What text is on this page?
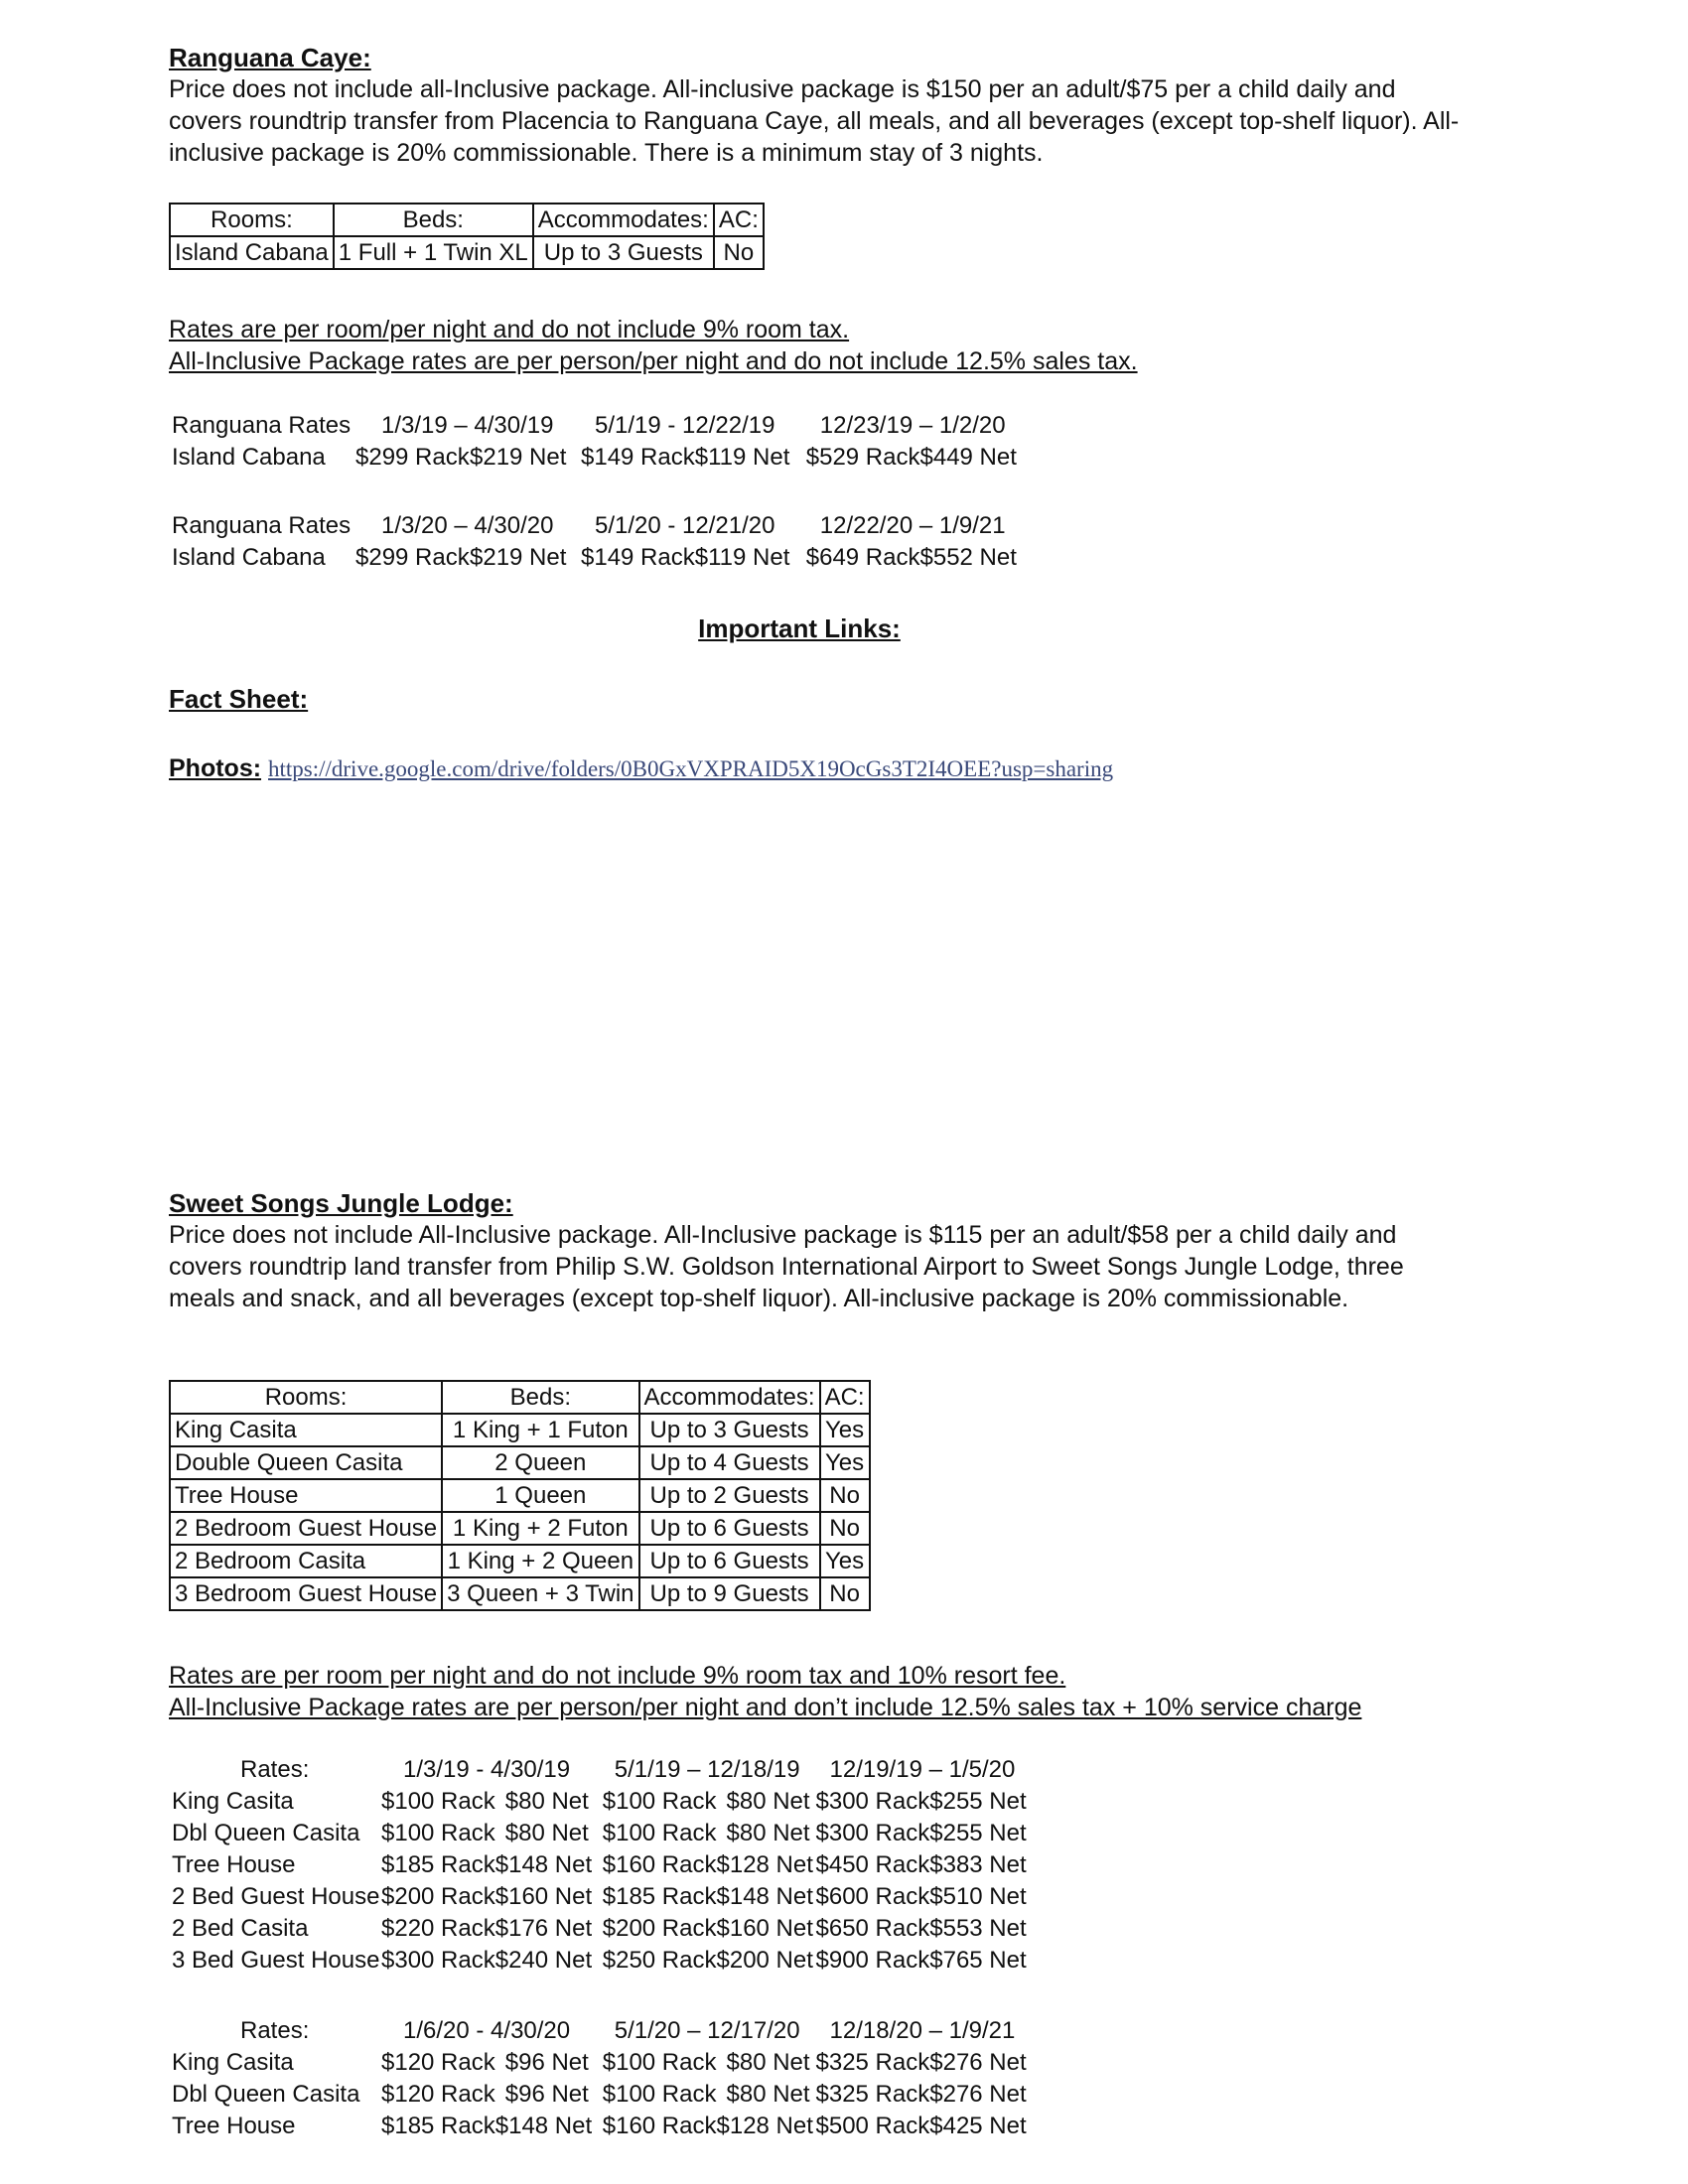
Ranguana Caye:

Price does not include all-Inclusive package. All-inclusive package is $150 per an adult/$75 per a child daily and covers roundtrip transfer from Placencia to Ranguana Caye, all meals, and all beverages (except top-shelf liquor). All-inclusive package is 20% commissionable. There is a minimum stay of 3 nights.

Rooms:	Beds:	Accommodates:	AC:
Island Cabana	1 Full + 1 Twin XL	Up to 3 Guests	No

Rates are per room/per night and do not include 9% room tax.

All-Inclusive Package rates are per person/per night and do not include 12.5% sales tax.

Ranguana Rates	1/3/19 – 4/30/19		5/1/19 - 12/22/19		12/23/19 – 1/2/20	
Island Cabana	$299 Rack	$219 Net	$149 Rack	$119 Net	$529 Rack	$449 Net
Ranguana Rates	1/3/20 – 4/30/20		5/1/20 - 12/21/20		12/22/20 – 1/9/21	
Island Cabana	$299 Rack	$219 Net	$149 Rack	$119 Net	$649 Rack	$552 Net
Important Links:
Fact Sheet:
Photos: https://drive.google.com/drive/folders/0B0GxVXPRAID5X19OcGs3T2I4OEE?usp=sharing
Sweet Songs Jungle Lodge:

Price does not include All-Inclusive package. All-Inclusive package is $115 per an adult/$58 per a child daily and covers roundtrip land transfer from Philip S.W. Goldson International Airport to Sweet Songs Jungle Lodge, three meals and snack, and all beverages (except top-shelf liquor). All-inclusive package is 20% commissionable.

Rooms:	Beds:	Accommodates:	AC:
King Casita	1 King + 1 Futon	Up to 3 Guests	Yes
Double Queen Casita	2 Queen	Up to 4 Guests	Yes
Tree House	1 Queen	Up to 2 Guests	No
2 Bedroom Guest House	1 King + 2 Futon	Up to 6 Guests	No
2 Bedroom Casita	1 King + 2 Queen	Up to 6 Guests	Yes
3 Bedroom Guest House	3 Queen + 3 Twin	Up to 9 Guests	No

Rates are per room per night and do not include 9% room tax and 10% resort fee.

All-Inclusive Package rates are per person/per night and don’t include 12.5% sales tax + 10% service charge

Rates:	1/3/19 - 4/30/19		5/1/19 – 12/18/19		12/19/19 – 1/5/20	
King Casita	$100 Rack	$80 Net	$100 Rack	$80 Net	$300 Rack	$255 Net
Dbl Queen Casita	$100 Rack	$80 Net	$100 Rack	$80 Net	$300 Rack	$255 Net
Tree House	$185 Rack	$148 Net	$160 Rack	$128 Net	$450 Rack	$383 Net
2 Bed Guest House	$200 Rack	$160 Net	$185 Rack	$148 Net	$600 Rack	$510 Net
2 Bed Casita	$220 Rack	$176 Net	$200 Rack	$160 Net	$650 Rack	$553 Net
3 Bed Guest House	$300 Rack	$240 Net	$250 Rack	$200 Net	$900 Rack	$765 Net
Rates:	1/6/20 - 4/30/20		5/1/20 – 12/17/20		12/18/20 – 1/9/21	
King Casita	$120 Rack	$96 Net	$100 Rack	$80 Net	$325 Rack	$276 Net
Dbl Queen Casita	$120 Rack	$96 Net	$100 Rack	$80 Net	$325 Rack	$276 Net
Tree House	$185 Rack	$148 Net	$160 Rack	$128 Net	$500 Rack	$425 Net
